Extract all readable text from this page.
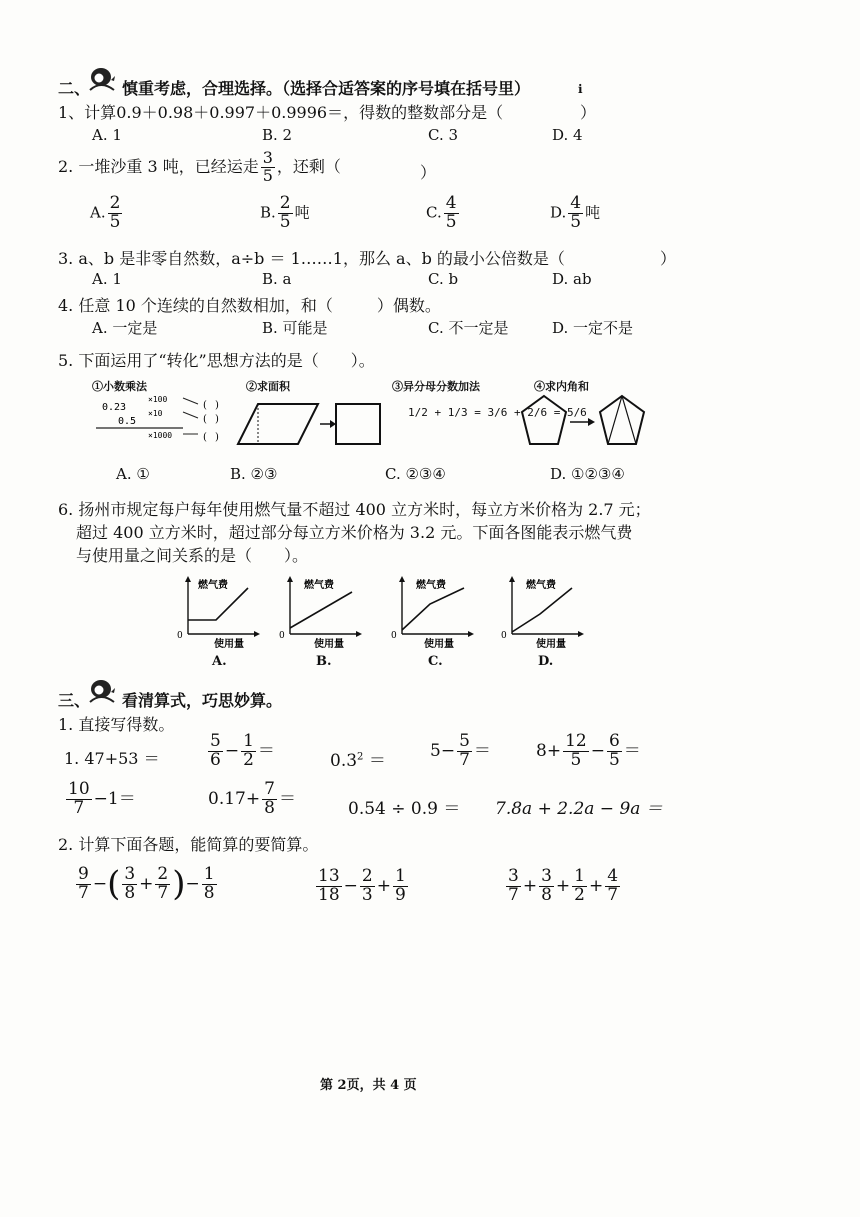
二、 慎重考虑，合理选择。（选择合适答案的序号填在括号里）	ℹ
1、计算0.9＋0.98＋0.997＋0.9996＝，得数的整数部分是（	）
A. 1	B. 2	C. 3	D. 4
2. 一堆沙重 3 吨，已经运走 $\frac{3}{5}$ ，还剩（	）
A. $\frac{2}{5}$	B. $\frac{2}{5}$ 吨	C. $\frac{4}{5}$	D. $\frac{4}{5}$ 吨
3. a、b 是非零自然数，a÷b ＝ 1……1，那么 a、b 的最小公倍数是（	）
A. 1	B. a	C. b	D. ab
4. 任意 10 个连续的自然数相加，和（	）偶数。
A. 一定是	B. 可能是	C. 不一定是	D. 一定不是
5. 下面运用了“转化”思想方法的是（　　）。
①小数乘法
0.23
0.5
×100
×10
×1000
( )
( )
( )
②求面积	③异分母分数加法
1/2 + 1/3 = 3/6 + 2/6 = 5/6
④求内角和
A. ①	B. ②③	C. ②③④	D. ①②③④
6. 扬州市规定每户每年使用燃气量不超过 400 立方米时，每立方米价格为 2.7 元；
超过 400 立方米时，超过部分每立方米价格为 3.2 元。下面各图能表示燃气费
与使用量之间关系的是（　　）。
燃气费
0
使用量
A.
燃气费
0
使用量
B.
燃气费
0
使用量
C.
燃气费
0
使用量
D.
三、 看清算式，巧思妙算。
1. 直接写得数。
1. 47+53 ＝	$\frac{5}{6} - \frac{1}{2}$ ＝
$0.3^2$ ＝
$5- \frac{5}{7}$ ＝	$8+ \frac{12}{5} - \frac{6}{5}$ ＝
$\frac{10}{7} -1=$	$0.17+ \frac{7}{8}$ ＝
0.54 ÷ 0.9 ＝ 7.8a + 2.2a − 9a ＝
2. 计算下面各题，能简算的要简算。
$\frac{9}{7}$ − ( $\frac{3}{8} + \frac{2}{7}$ ) − $\frac{1}{8}$	$\frac{13}{18} - \frac{2}{3} + \frac{1}{9}$	$\frac{3}{7} + \frac{3}{8} + \frac{1}{2} + \frac{4}{7}$
第 2页，共 4 页
